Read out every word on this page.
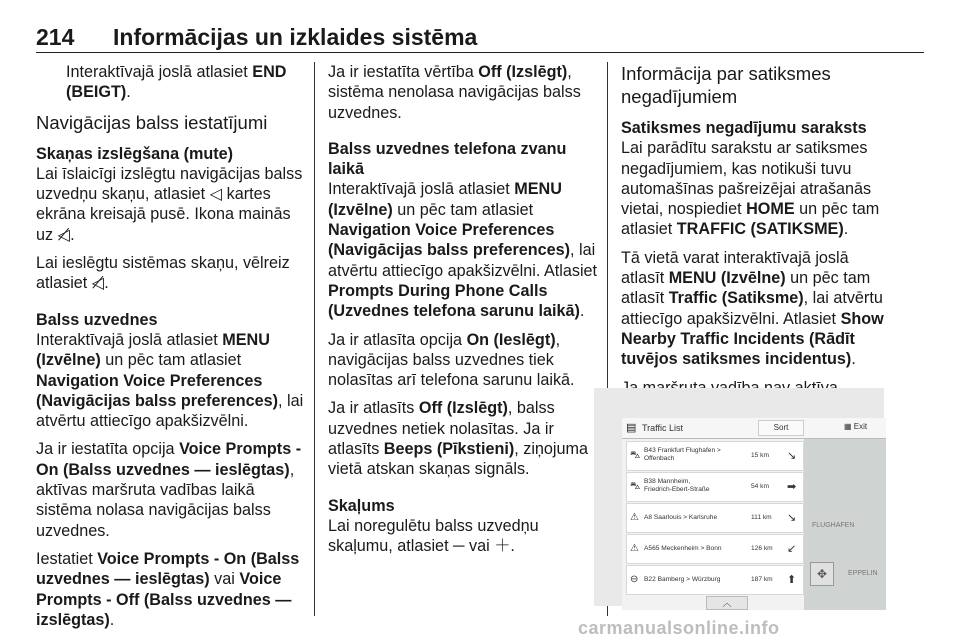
214 Informācijas un izklaides sistēma

Interaktīvajā joslā atlasiet END (BEIGT).

Navigācijas balss iestatījumi
Skaņas izslēgšana (mute)

Lai īslaicīgi izslēgtu navigācijas balss uzvedņu skaņu, atlasiet ◁ kartes ekrāna kreisajā pusē. Ikona mainās uz ◁̸.

Lai ieslēgtu sistēmas skaņu, vēlreiz atlasiet ◁̸.

Balss uzvednes

Interaktīvajā joslā atlasiet MENU (Izvēlne) un pēc tam atlasiet Navigation Voice Preferences (Navigācijas balss preferences), lai atvērtu attiecīgo apakšizvēlni.

Ja ir iestatīta opcija Voice Prompts - On (Balss uzvednes — ieslēgtas), aktīvas maršruta vadības laikā sistēma nolasa navigācijas balss uzvednes.

Iestatiet Voice Prompts - On (Balss uzvednes — ieslēgtas) vai Voice Prompts - Off (Balss uzvednes — izslēgtas).

Ja ir iestatīta vērtība Off (Izslēgt), sistēma nenolasa navigācijas balss uzvednes.

Balss uzvednes telefona zvanu laikā

Interaktīvajā joslā atlasiet MENU (Izvēlne) un pēc tam atlasiet Navigation Voice Preferences (Navigācijas balss preferences), lai atvērtu attiecīgo apakšizvēlni. Atlasiet Prompts During Phone Calls (Uzvednes telefona sarunu laikā).

Ja ir atlasīta opcija On (Ieslēgt), navigācijas balss uzvednes tiek nolasītas arī telefona sarunu laikā.

Ja ir atlasīts Off (Izslēgt), balss uzvednes netiek nolasītas. Ja ir atlasīts Beeps (Pīkstieni), ziņojuma vietā atskan skaņas signāls.

Skaļums

Lai noregulētu balss uzvedņu skaļumu, atlasiet ─ vai ＋.

Informācija par satiksmes negadījumiem
Satiksmes negadījumu saraksts

Lai parādītu sarakstu ar satiksmes negadījumiem, kas notikuši tuvu automašīnas pašreizējai atrašanās vietai, nospiediet HOME un pēc tam atlasiet TRAFFIC (SATIKSME).

Tā vietā varat interaktīvajā joslā atlasīt MENU (Izvēlne) un pēc tam atlasīt Traffic (Satiksme), lai atvērtu attiecīgo apakšizvēlni. Atlasiet Show Nearby Traffic Incidents (Rādīt tuvējos satiksmes incidentus).

FLUGHAFEN
EPPELIN
▤ Traffic List	Sort	▦ Exit
⛍ B43 Frankfurt Flughafen >
Offenbach	15 km ↘
⛍ B38 Mannheim,
Friedrich-Ebert-Straße	54 km ➡
⚠ A8 Saarlouis > Karlsruhe	111 km ↘
⚠ A565 Meckenheim > Bonn	126 km ↙
⊖ B22 Bamberg > Würzburg	187 km ⬆	✥
︿
carmanualsonline.info
